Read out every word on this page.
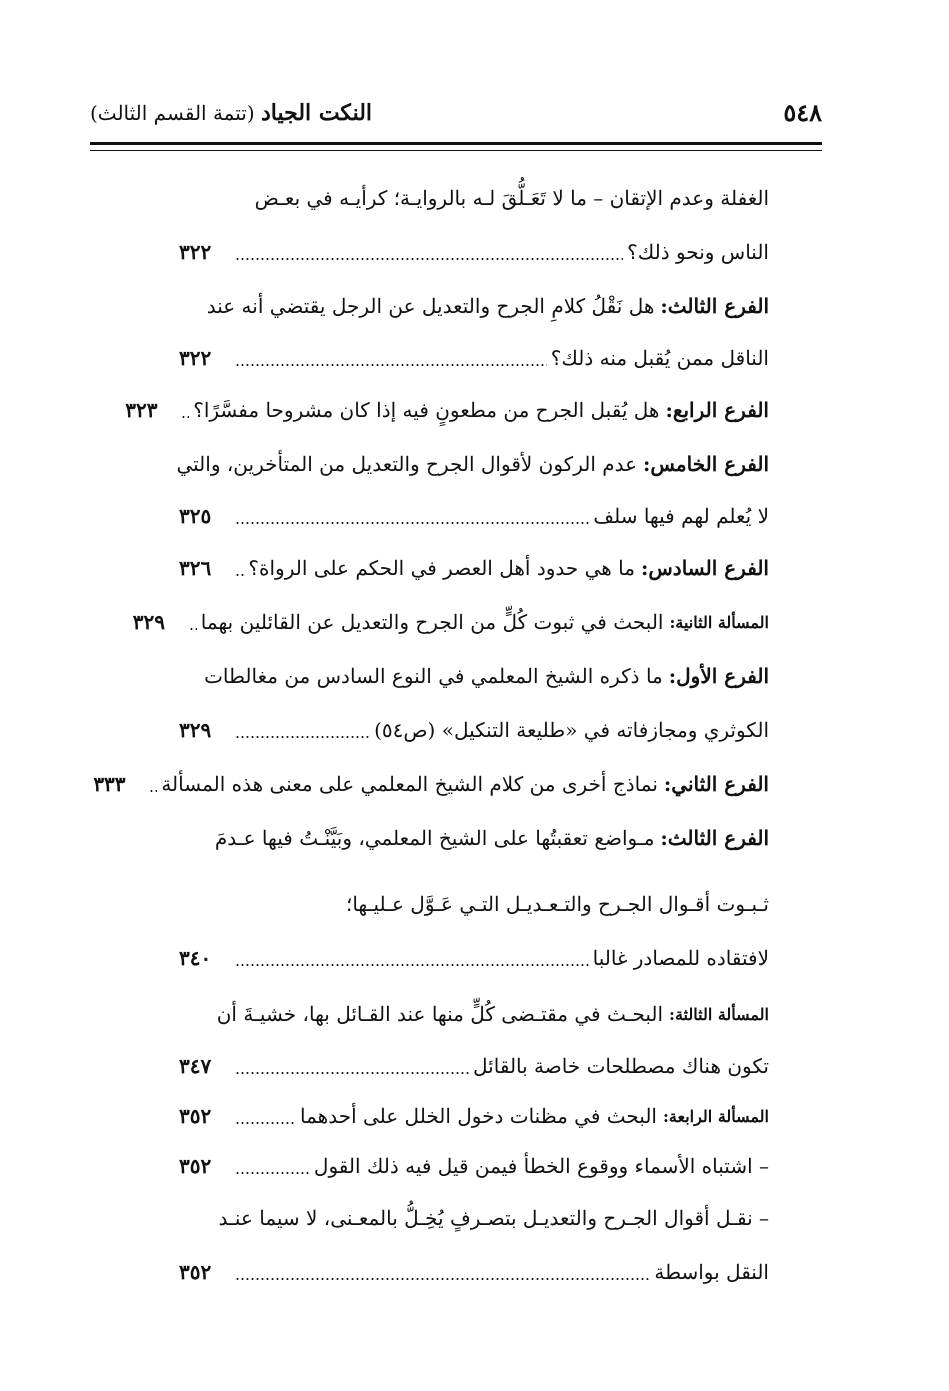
٥٤٨
النكت الجياد (تتمة القسم الثالث)
الغفلة وعدم الإتقان – ما لا تَعَـلُّقَ لـه بالروايـة؛ كرأيـه في بعـض
الناس ونحو ذلك؟
٣٢٢
الفرع الثالث:
هل نَقْلُ كلامِ الجرح والتعديل عن الرجل يقتضي أنه عند
الناقل ممن يُقبل منه ذلك؟
٣٢٢
الفرع الرابع:
هل يُقبل الجرح من مطعونٍ فيه إذا كان مشروحا مفسَّرًا؟
٣٢٣
الفرع الخامس:
عدم الركون لأقوال الجرح والتعديل من المتأخرين، والتي
لا يُعلم لهم فيها سلف
٣٢٥
الفرع السادس:
ما هي حدود أهل العصر في الحكم على الرواة؟
٣٢٦
المسألة الثانية:
البحث في ثبوت كُلٍّ من الجرح والتعديل عن القائلين بهما
٣٢٩
الفرع الأول:
ما ذكره الشيخ المعلمي في النوع السادس من مغالطات
الكوثري ومجازفاته في «طليعة التنكيل» (ص٥٤)
٣٢٩
الفرع الثاني:
نماذج أخرى من كلام الشيخ المعلمي على معنى هذه المسألة
٣٣٣
الفرع الثالث:
مـواضع تعقبتُها على الشيخ المعلمي، وبَيَّنْـتُ فيها عـدمَ
ثـبـوت أقـوال الجـرح والتـعـديـل التـي عَـوَّل عـليـها؛
لافتقاده للمصادر غالبا
٣٤٠
المسألة الثالثة:
البحـث في مقتـضى كُلٍّ منها عند القـائل بها، خشيـةَ أن
تكون هناك مصطلحات خاصة بالقائل
٣٤٧
المسألة الرابعة:
البحث في مظنات دخول الخلل على أحدهما
٣٥٢
– اشتباه الأسماء ووقوع الخطأ فيمن قيل فيه ذلك القول
٣٥٢
– نقـل أقوال الجـرح والتعديـل بتصـرفٍ يُخِـلُّ بالمعـنى، لا سيما عنـد
النقل بواسطة
٣٥٢
